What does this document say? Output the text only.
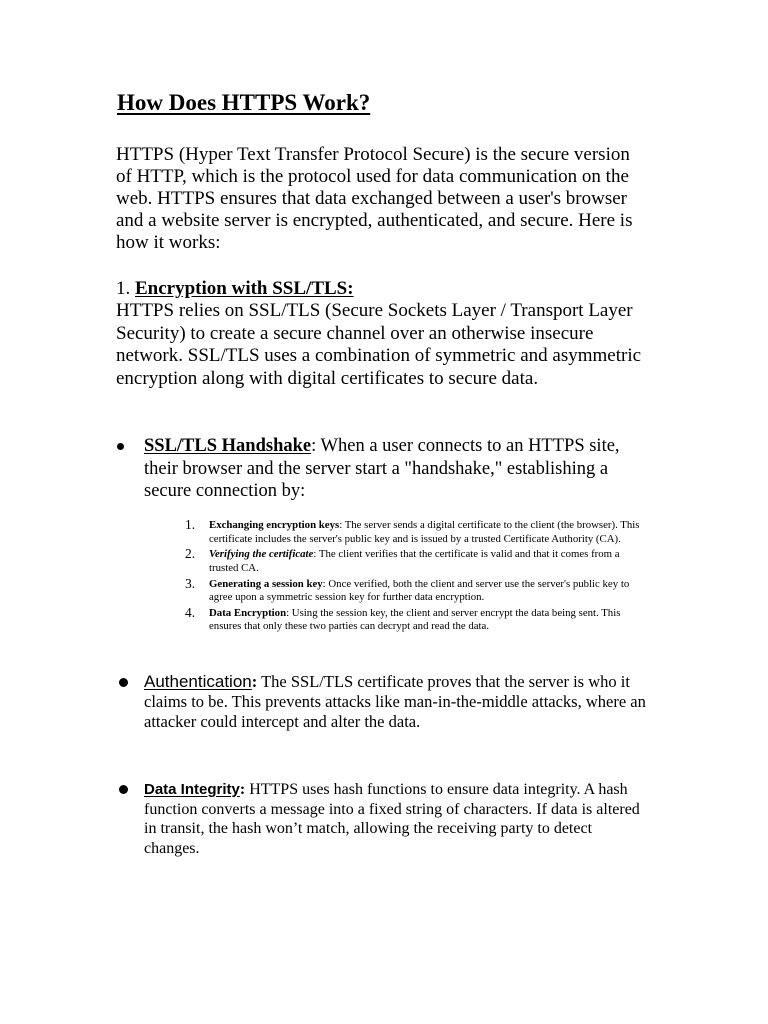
How Does HTTPS Work?

HTTPS (Hyper Text Transfer Protocol Secure) is the secure version of HTTP, which is the protocol used for data communication on the web. HTTPS ensures that data exchanged between a user's browser and a website server is encrypted, authenticated, and secure. Here is how it works:

1. Encryption with SSL/TLS:

HTTPS relies on SSL/TLS (Secure Sockets Layer / Transport Layer Security) to create a secure channel over an otherwise insecure network. SSL/TLS uses a combination of symmetric and asymmetric encryption along with digital certificates to secure data.

SSL/TLS Handshake: When a user connects to an HTTPS site, their browser and the server start a "handshake," establishing a secure connection by:

1. Exchanging encryption keys: The server sends a digital certificate to the client (the browser). This certificate includes the server's public key and is issued by a trusted Certificate Authority (CA).
2. Verifying the certificate: The client verifies that the certificate is valid and that it comes from a trusted CA.
3. Generating a session key: Once verified, both the client and server use the server's public key to agree upon a symmetric session key for further data encryption.
4. Data Encryption: Using the session key, the client and server encrypt the data being sent. This ensures that only these two parties can decrypt and read the data.

Authentication: The SSL/TLS certificate proves that the server is who it claims to be. This prevents attacks like man-in-the-middle attacks, where an attacker could intercept and alter the data.

Data Integrity: HTTPS uses hash functions to ensure data integrity. A hash function converts a message into a fixed string of characters. If data is altered in transit, the hash won’t match, allowing the receiving party to detect changes.
